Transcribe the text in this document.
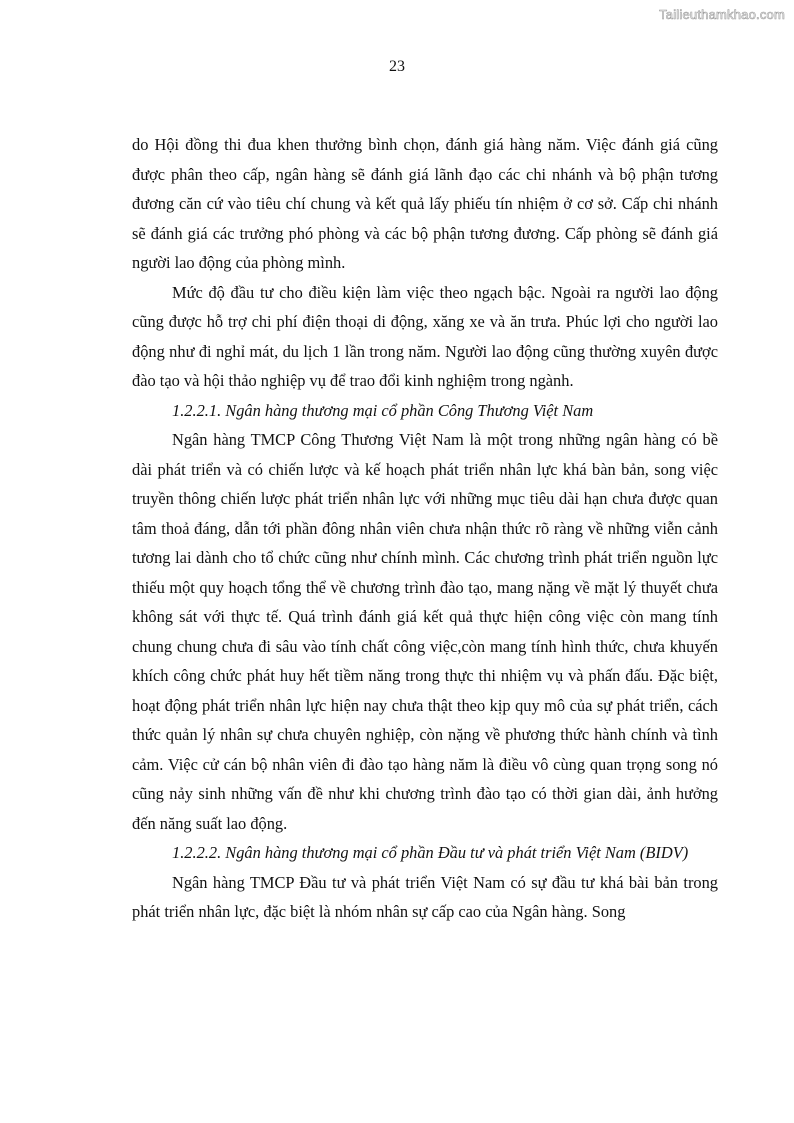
Tailieuthamkhao.com
23

do Hội đồng thi đua khen thưởng bình chọn, đánh giá hàng năm. Việc đánh giá cũng được phân theo cấp, ngân hàng sẽ đánh giá lãnh đạo các chi nhánh và bộ phận tương đương căn cứ vào tiêu chí chung và kết quả lấy phiếu tín nhiệm ở cơ sở. Cấp chi nhánh sẽ đánh giá các trưởng phó phòng và các bộ phận tương đương. Cấp phòng sẽ đánh giá người lao động của phòng mình.

Mức độ đầu tư cho điều kiện làm việc theo ngạch bậc. Ngoài ra người lao động cũng được hỗ trợ chi phí điện thoại di động, xăng xe và ăn trưa. Phúc lợi cho người lao động như đi nghỉ mát, du lịch 1 lần trong năm. Người lao động cũng thường xuyên được đào tạo và hội thảo nghiệp vụ để trao đổi kinh nghiệm trong ngành.

1.2.2.1. Ngân hàng thương mại cổ phần Công Thương Việt Nam

Ngân hàng TMCP Công Thương Việt Nam là một trong những ngân hàng có bề dài phát triển và có chiến lược và kế hoạch phát triển nhân lực khá bàn bản, song việc truyền thông chiến lược phát triển nhân lực với những mục tiêu dài hạn chưa được quan tâm thoả đáng, dẫn tới phần đông nhân viên chưa nhận thức rõ ràng về những viễn cảnh tương lai dành cho tổ chức cũng như chính mình. Các chương trình phát triển nguồn lực thiếu một quy hoạch tổng thể về chương trình đào tạo, mang nặng về mặt lý thuyết chưa không sát với thực tế. Quá trình đánh giá kết quả thực hiện công việc còn mang tính chung chung chưa đi sâu vào tính chất công việc,còn mang tính hình thức, chưa khuyến khích công chức phát huy hết tiềm năng trong thực thi nhiệm vụ và phấn đấu. Đặc biệt, hoạt động phát triển nhân lực hiện nay chưa thật theo kịp quy mô của sự phát triển, cách thức quản lý nhân sự chưa chuyên nghiệp, còn nặng về phương thức hành chính và tình cảm. Việc cử cán bộ nhân viên đi đào tạo hàng năm là điều vô cùng quan trọng song nó cũng nảy sinh những vấn đề như khi chương trình đào tạo có thời gian dài, ảnh hưởng đến năng suất lao động.

1.2.2.2. Ngân hàng thương mại cổ phần Đầu tư và phát triển Việt Nam (BIDV)

Ngân hàng TMCP Đầu tư và phát triển Việt Nam có sự đầu tư khá bài bản trong phát triển nhân lực, đặc biệt là nhóm nhân sự cấp cao của Ngân hàng. Song
